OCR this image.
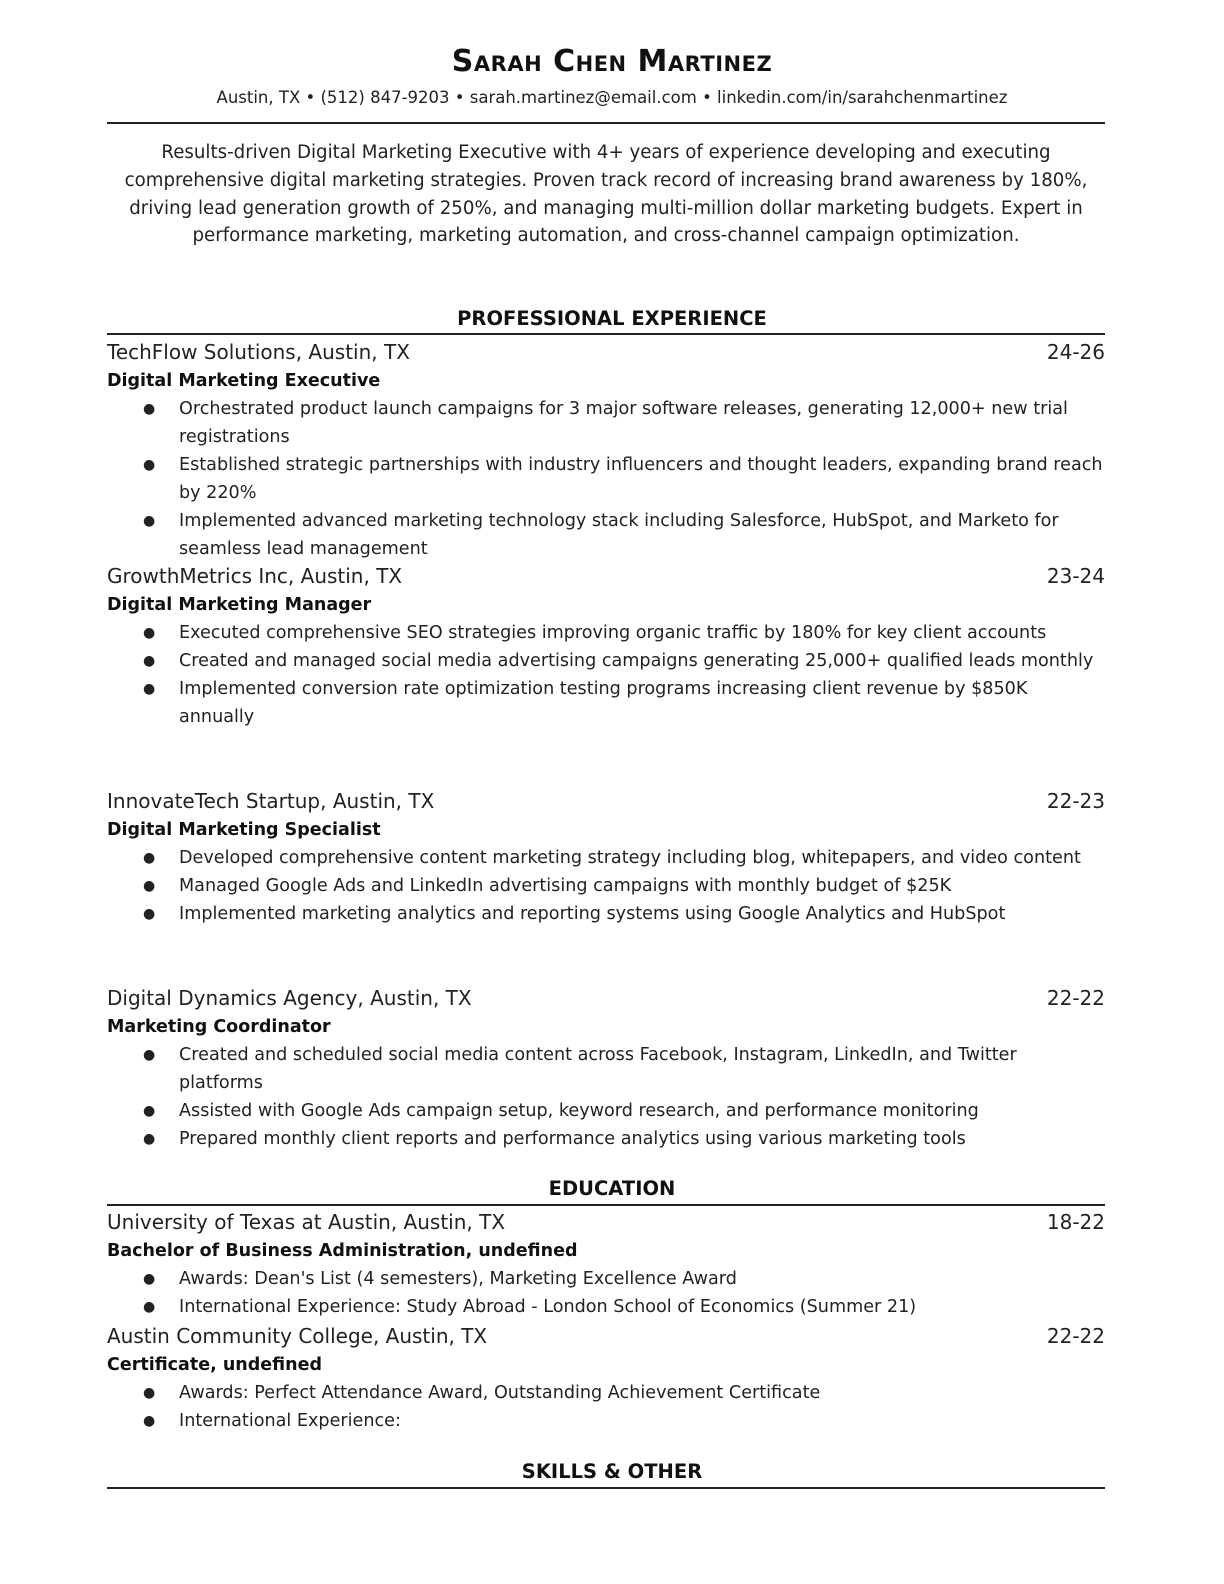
Sarah Chen Martinez
Austin, TX • (512) 847-9203 • sarah.martinez@email.com • linkedin.com/in/sarahchenmartinez
Results-driven Digital Marketing Executive with 4+ years of experience developing and executing comprehensive digital marketing strategies. Proven track record of increasing brand awareness by 180%, driving lead generation growth of 250%, and managing multi-million dollar marketing budgets. Expert in performance marketing, marketing automation, and cross-channel campaign optimization.
PROFESSIONAL EXPERIENCE
TechFlow Solutions, Austin, TX	24-26
Digital Marketing Executive
● Orchestrated product launch campaigns for 3 major software releases, generating 12,000+ new trial registrations
● Established strategic partnerships with industry influencers and thought leaders, expanding brand reach by 220%
● Implemented advanced marketing technology stack including Salesforce, HubSpot, and Marketo for seamless lead management
GrowthMetrics Inc, Austin, TX	23-24
Digital Marketing Manager
● Executed comprehensive SEO strategies improving organic traffic by 180% for key client accounts
● Created and managed social media advertising campaigns generating 25,000+ qualified leads monthly
● Implemented conversion rate optimization testing programs increasing client revenue by $850K annually
InnovateTech Startup, Austin, TX	22-23
Digital Marketing Specialist
● Developed comprehensive content marketing strategy including blog, whitepapers, and video content
● Managed Google Ads and LinkedIn advertising campaigns with monthly budget of $25K
● Implemented marketing analytics and reporting systems using Google Analytics and HubSpot
Digital Dynamics Agency, Austin, TX	22-22
Marketing Coordinator
● Created and scheduled social media content across Facebook, Instagram, LinkedIn, and Twitter platforms
● Assisted with Google Ads campaign setup, keyword research, and performance monitoring
● Prepared monthly client reports and performance analytics using various marketing tools
EDUCATION
University of Texas at Austin, Austin, TX	18-22
Bachelor of Business Administration, undefined
● Awards: Dean's List (4 semesters), Marketing Excellence Award
● International Experience: Study Abroad - London School of Economics (Summer 21)
Austin Community College, Austin, TX	22-22
Certificate, undefined
● Awards: Perfect Attendance Award, Outstanding Achievement Certificate
● International Experience:
SKILLS & OTHER
